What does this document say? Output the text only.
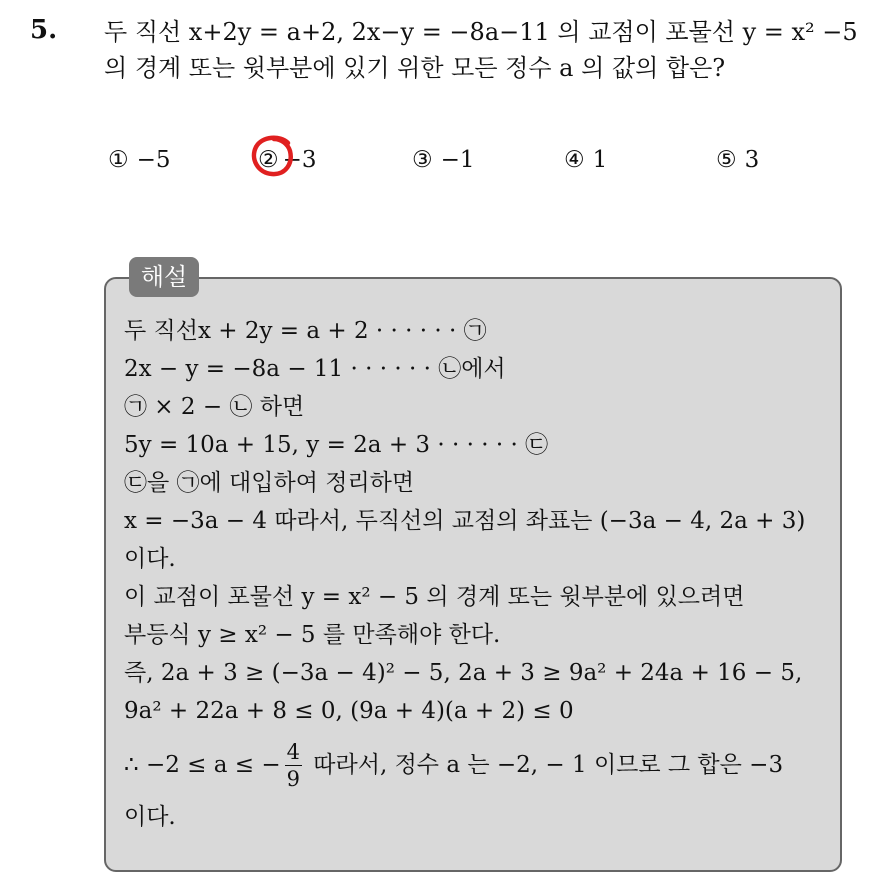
5. 두 직선 x+2y = a+2, 2x−y = −8a−11 의 교점이 포물선 y = x² −5
의 경계 또는 윗부분에 있기 위한 모든 정수 a 의 값의 합은?
① −5	② −3	③ −1	④ 1	⑤ 3
해설
두 직선x + 2y = a + 2 · · · · · · ㉠
2x − y = −8a − 11 · · · · · · ㉡에서
㉠ × 2 − ㉡ 하면
5y = 10a + 15, y = 2a + 3 · · · · · · ㉢
㉢을 ㉠에 대입하여 정리하면
x = −3a − 4 따라서, 두직선의 교점의 좌표는 (−3a − 4, 2a + 3)
이다.
이 교점이 포물선 y = x² − 5 의 경계 또는 윗부분에 있으려면
부등식 y ≥ x² − 5 를 만족해야 한다.
즉, 2a + 3 ≥ (−3a − 4)² − 5, 2a + 3 ≥ 9a² + 24a + 16 − 5,
9a² + 22a + 8 ≤ 0, (9a + 4)(a + 2) ≤ 0
∴ −2 ≤ a ≤ − $\frac{4}{9}$ 따라서, 정수 a 는 −2, − 1 이므로 그 합은 −3
이다.
